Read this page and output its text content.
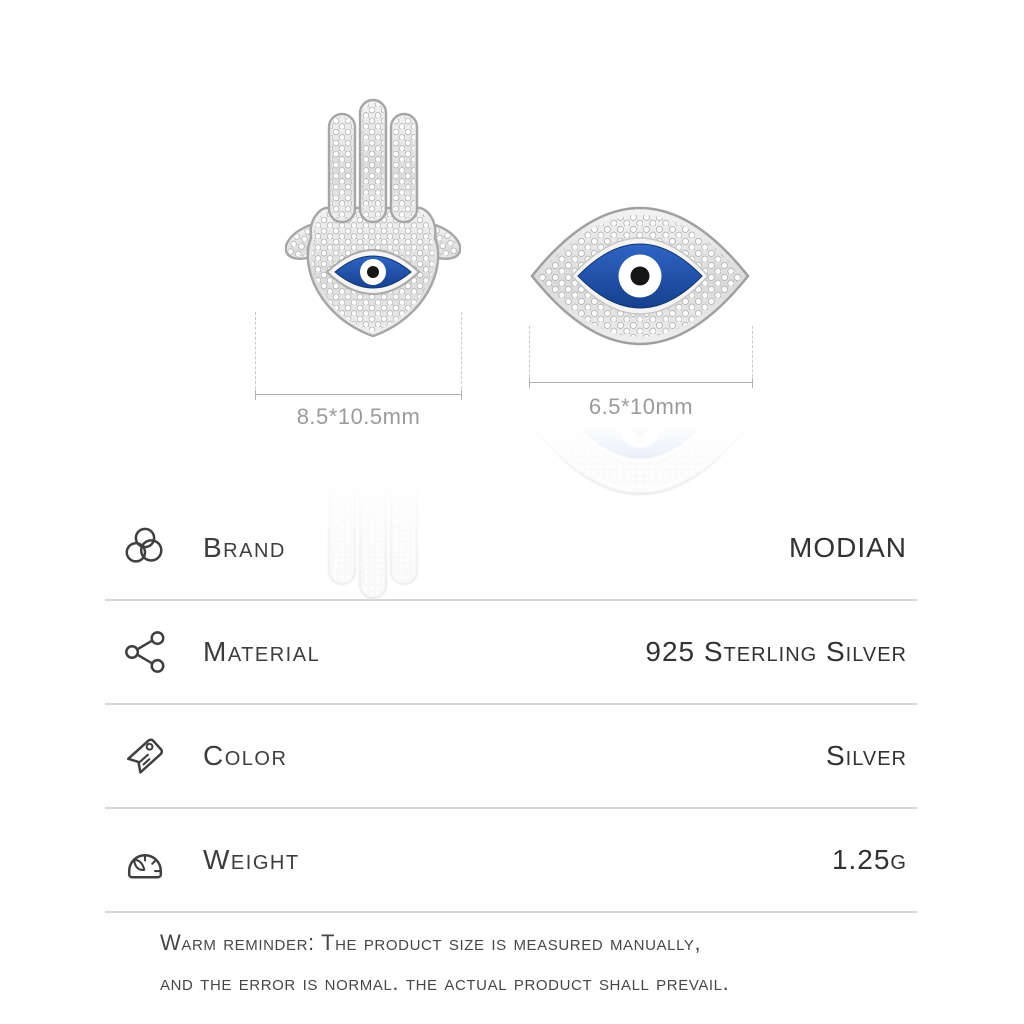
8.5*10.5mm	6.5*10mm
Brand	MODIAN
Material	925 Sterling Silver
Color	Silver
Weight	1.25g

Warm reminder: The product size is measured manually,

and the error is normal. the actual product shall prevail.
